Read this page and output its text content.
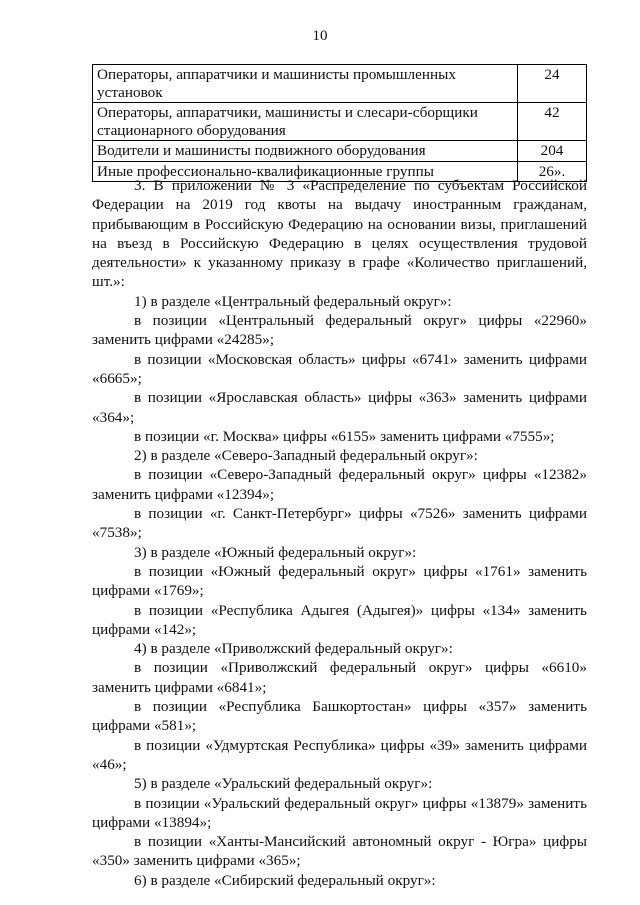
10
Операторы, аппаратчики и машинисты промышленных установок	24
Операторы, аппаратчики, машинисты и слесари-сборщики стационарного оборудования	42
Водители и машинисты подвижного оборудования	204
Иные профессионально-квалификационные группы	26».

3. В приложении № 3 «Распределение по субъектам Российской Федерации на 2019 год квоты на выдачу иностранным гражданам, прибывающим в Российскую Федерацию на основании визы, приглашений на въезд в Российскую Федерацию в целях осуществления трудовой деятельности» к указанному приказу в графе «Количество приглашений, шт.»:

1) в разделе «Центральный федеральный округ»:

в позиции «Центральный федеральный округ» цифры «22960» заменить цифрами «24285»;

в позиции «Московская область» цифры «6741» заменить цифрами «6665»;

в позиции «Ярославская область» цифры «363» заменить цифрами «364»;

в позиции «г. Москва» цифры «6155» заменить цифрами «7555»;

2) в разделе «Северо-Западный федеральный округ»:

в позиции «Северо-Западный федеральный округ» цифры «12382» заменить цифрами «12394»;

в позиции «г. Санкт-Петербург» цифры «7526» заменить цифрами «7538»;

3) в разделе «Южный федеральный округ»:

в позиции «Южный федеральный округ» цифры «1761» заменить цифрами «1769»;

в позиции «Республика Адыгея (Адыгея)» цифры «134» заменить цифрами «142»;

4) в разделе «Приволжский федеральный округ»:

в позиции «Приволжский федеральный округ» цифры «6610» заменить цифрами «6841»;

в позиции «Республика Башкортостан» цифры «357» заменить цифрами «581»;

в позиции «Удмуртская Республика» цифры «39» заменить цифрами «46»;

5) в разделе «Уральский федеральный округ»:

в позиции «Уральский федеральный округ» цифры «13879» заменить цифрами «13894»;

в позиции «Ханты-Мансийский автономный округ - Югра» цифры «350» заменить цифрами «365»;

6) в разделе «Сибирский федеральный округ»:
